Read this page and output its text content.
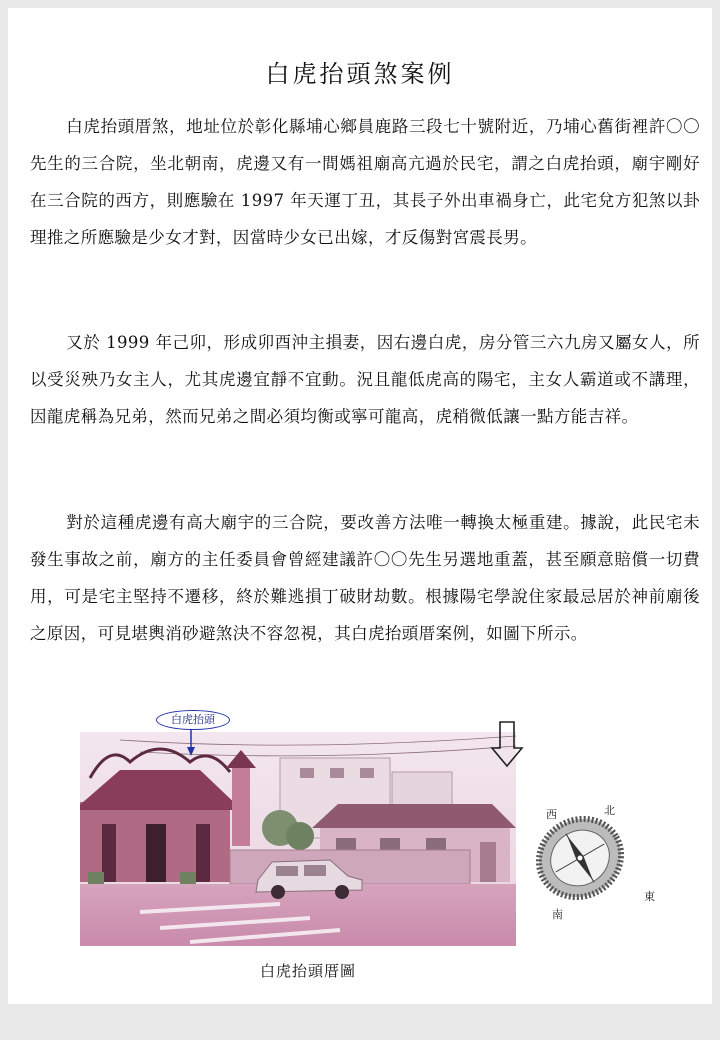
白虎抬頭煞案例

白虎抬頭厝煞，地址位於彰化縣埔心鄉員鹿路三段七十號附近，乃埔心舊街裡許〇〇先生的三合院，坐北朝南，虎邊又有一間媽祖廟高亢過於民宅，謂之白虎抬頭，廟宇剛好在三合院的西方，則應驗在 1997 年天運丁丑，其長子外出車禍身亡，此宅兌方犯煞以卦理推之所應驗是少女才對，因當時少女已出嫁，才反傷對宮震長男。

又於 1999 年己卯，形成卯酉沖主損妻，因右邊白虎，房分管三六九房又屬女人，所以受災殃乃女主人，尤其虎邊宜靜不宜動。況且龍低虎高的陽宅，主女人霸道或不講理，因龍虎稱為兄弟，然而兄弟之間必須均衡或寧可龍高，虎稍微低讓一點方能吉祥。

對於這種虎邊有高大廟宇的三合院，要改善方法唯一轉換太極重建。據說，此民宅未發生事故之前，廟方的主任委員會曾經建議許〇〇先生另選地重蓋，甚至願意賠償一切費用，可是宅主堅持不遷移，終於難逃損丁破財劫數。根據陽宅學說住家最忌居於神前廟後之原因，可見堪輿消砂避煞決不容忽視，其白虎抬頭厝案例，如圖下所示。

白虎抬頭
北
西
東
南
白虎抬頭厝圖
